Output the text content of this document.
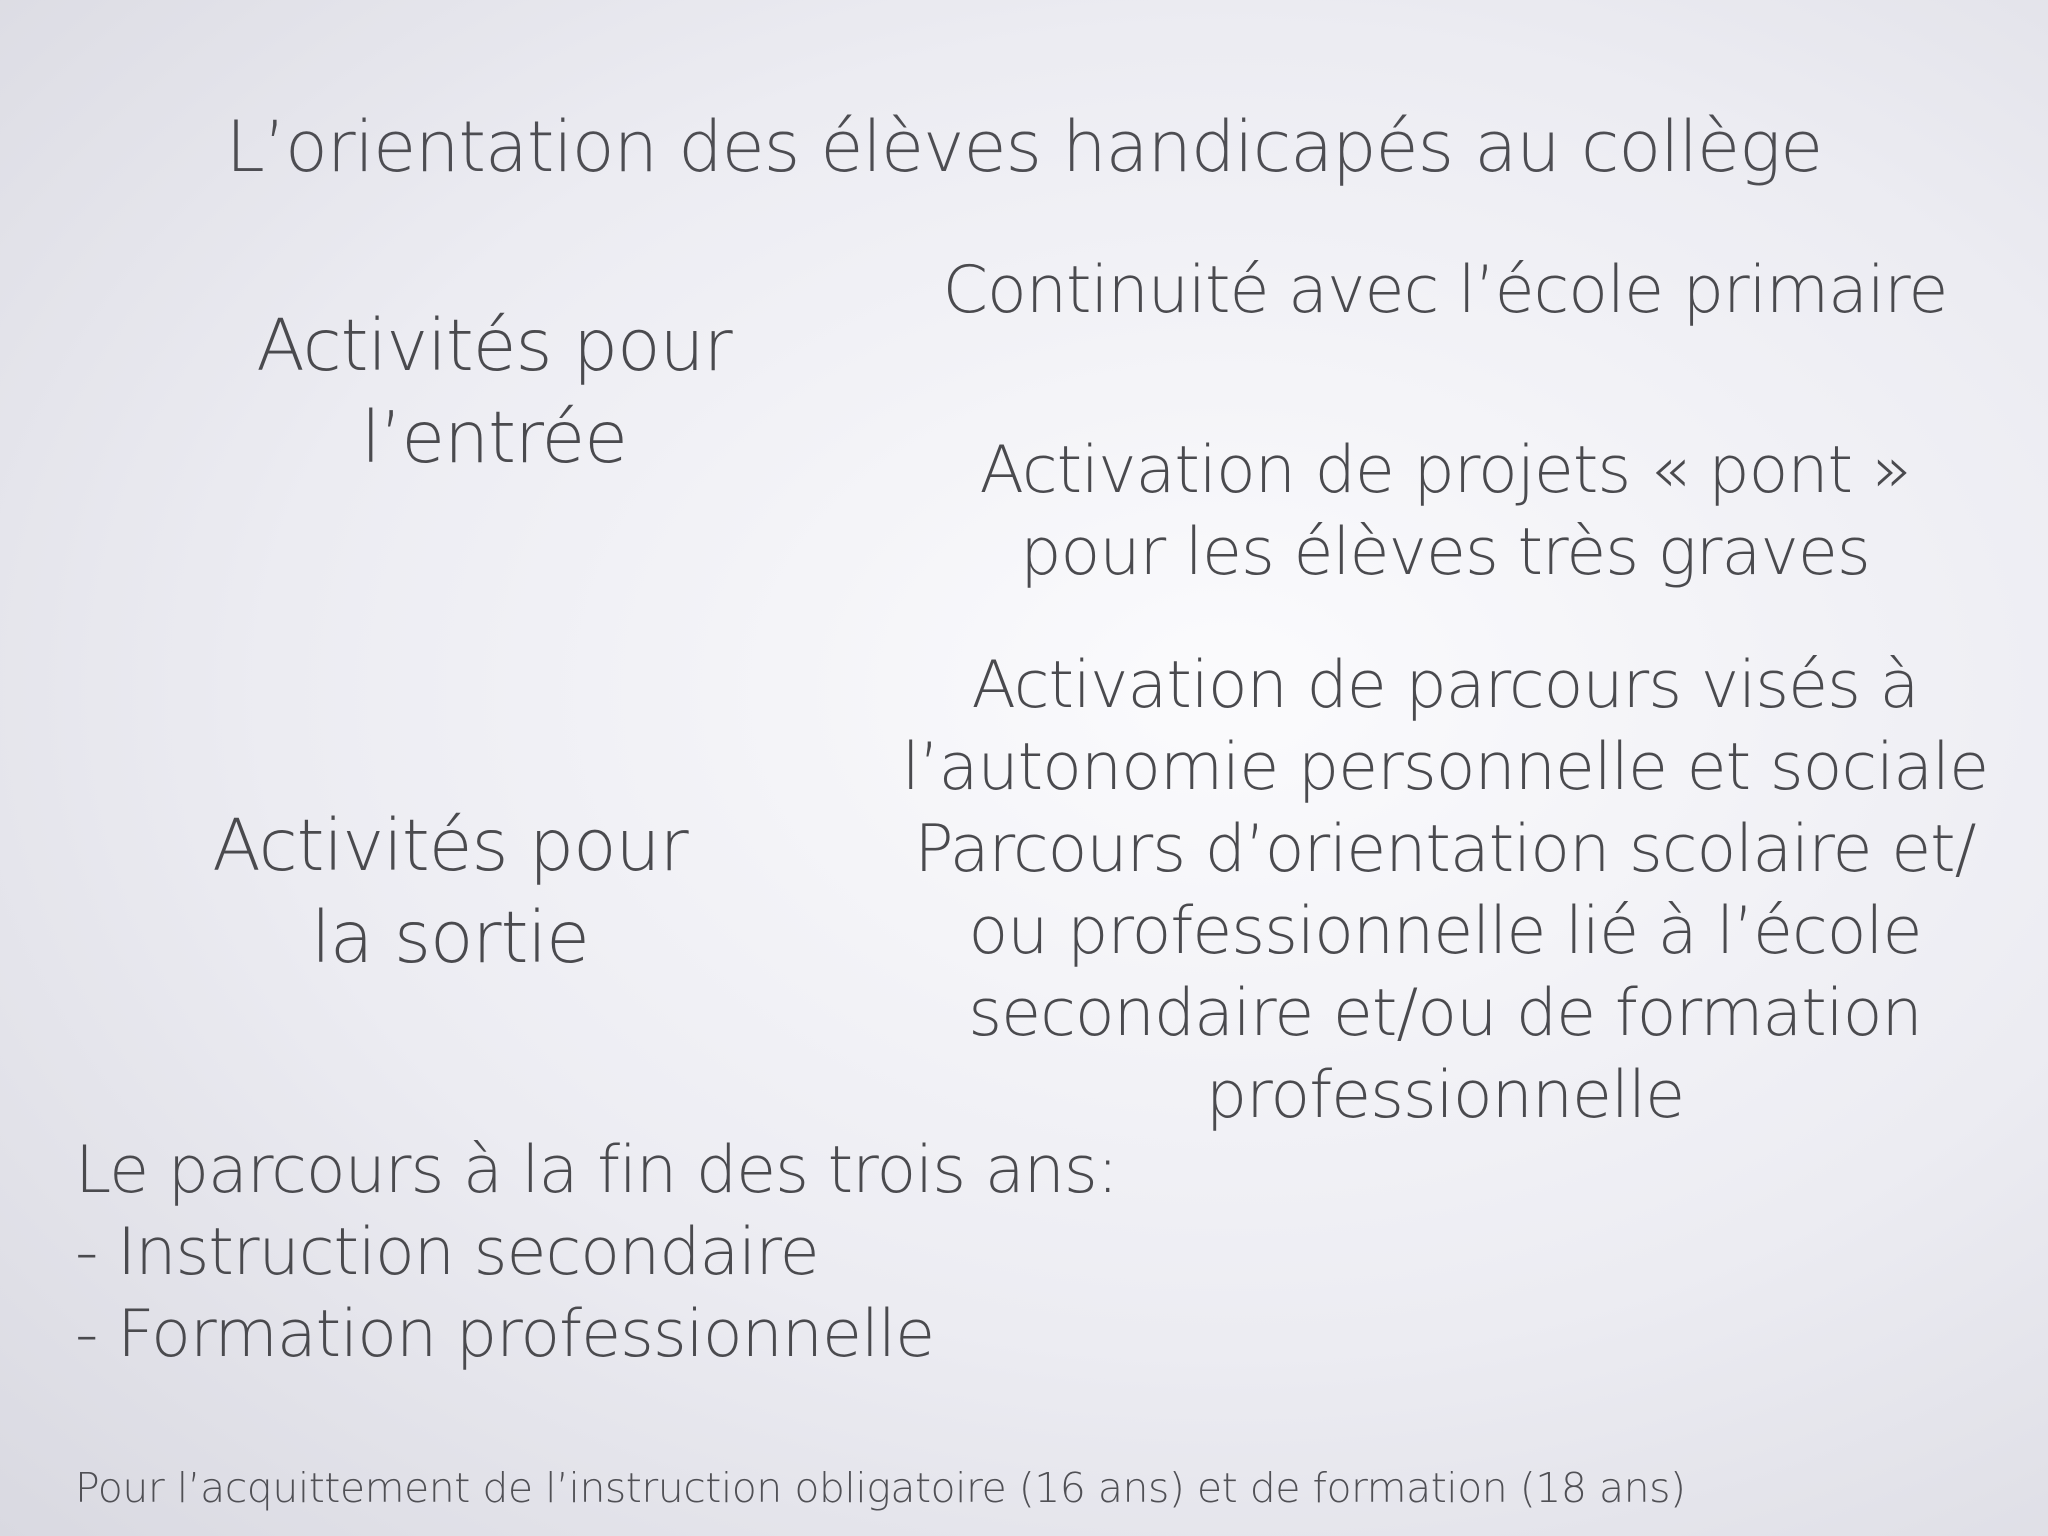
L’orientation des élèves handicapés au collège
Activités pour
l’entrée
Continuité avec l’école primaire
Activation de projets « pont »
pour les élèves très graves
Activités pour
la sortie
Activation de parcours visés à
l’autonomie personnelle et sociale
Parcours d’orientation scolaire et/
ou professionnelle lié à l’école
secondaire et/ou de formation
professionnelle
Le parcours à la fin des trois ans:
- Instruction secondaire
- Formation professionnelle
Pour l’acquittement de l’instruction obligatoire (16 ans) et de formation (18 ans)
